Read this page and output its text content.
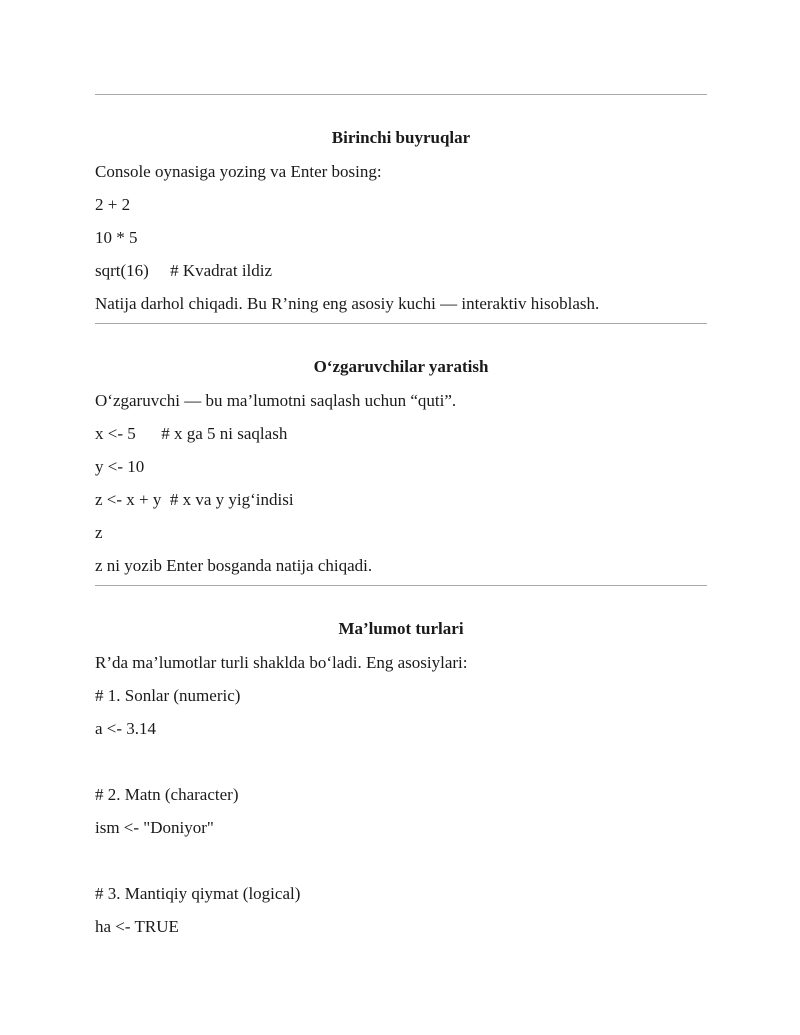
Birinchi buyruqlar
Console oynasiga yozing va Enter bosing:
2 + 2
10 * 5
sqrt(16)     # Kvadrat ildiz
Natija darhol chiqadi. Bu R’ning eng asosiy kuchi — interaktiv hisoblash.
O‘zgaruvchilar yaratish
O‘zgaruvchi — bu ma’lumotni saqlash uchun “quti”.
x <- 5      # x ga 5 ni saqlash
y <- 10
z <- x + y  # x va y yig‘indisi
z
z ni yozib Enter bosganda natija chiqadi.
Ma’lumot turlari
R’da ma’lumotlar turli shaklda bo‘ladi. Eng asosiylari:
# 1. Sonlar (numeric)
a <- 3.14
# 2. Matn (character)
ism <- "Doniyor"
# 3. Mantiqiy qiymat (logical)
ha <- TRUE
